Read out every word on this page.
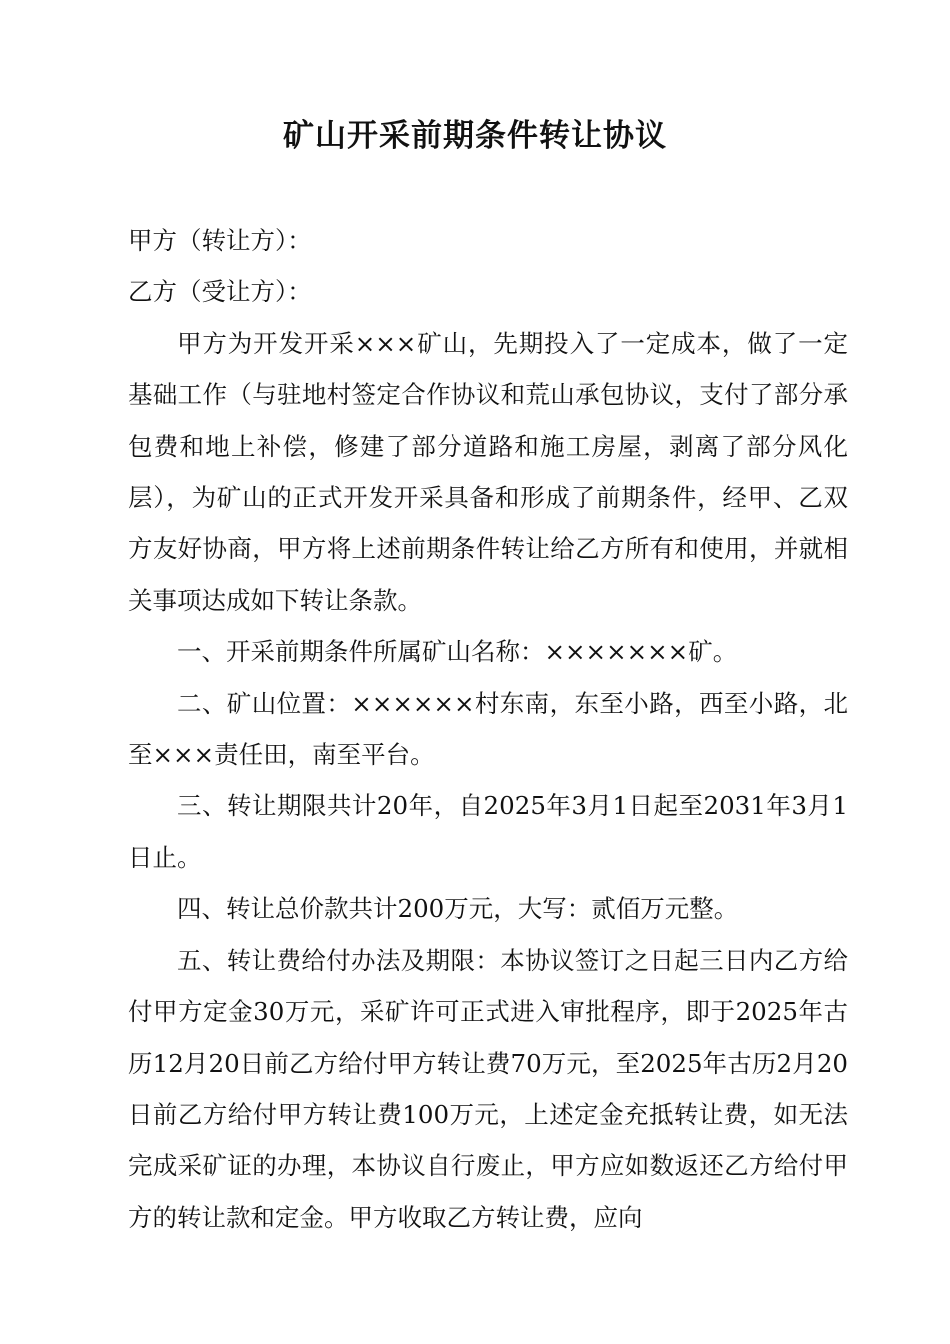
矿山开采前期条件转让协议

甲方（转让方）：

乙方（受让方）：

甲方为开发开采×××矿山，先期投入了一定成本，做了一定基础工作（与驻地村签定合作协议和荒山承包协议，支付了部分承包费和地上补偿，修建了部分道路和施工房屋，剥离了部分风化层），为矿山的正式开发开采具备和形成了前期条件，经甲、乙双方友好协商，甲方将上述前期条件转让给乙方所有和使用，并就相关事项达成如下转让条款。

一、开采前期条件所属矿山名称：×××××××矿。

二、矿山位置：××××××村东南，东至小路，西至小路，北至×××责任田，南至平台。

三、转让期限共计20年，自2025年3月1日起至2031年3月1日止。

四、转让总价款共计200万元，大写：贰佰万元整。

五、转让费给付办法及期限：本协议签订之日起三日内乙方给付甲方定金30万元，采矿许可正式进入审批程序，即于2025年古历12月20日前乙方给付甲方转让费70万元，至2025年古历2月20日前乙方给付甲方转让费100万元，上述定金充抵转让费，如无法完成采矿证的办理，本协议自行废止，甲方应如数返还乙方给付甲方的转让款和定金。甲方收取乙方转让费，应向
